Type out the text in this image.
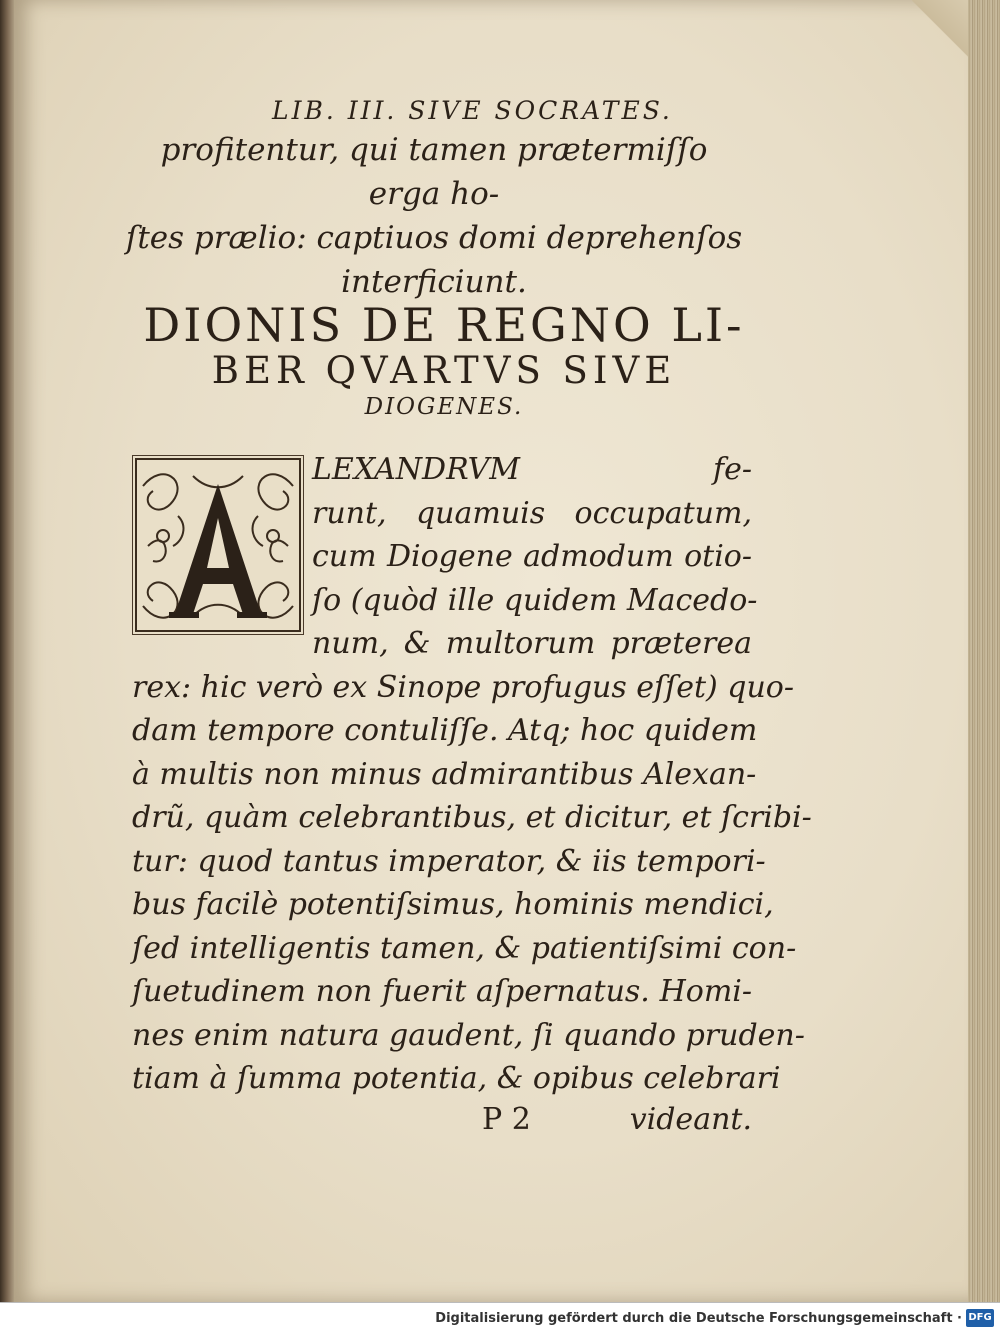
LIB. III. SIVE SOCRATES.
profitentur, qui tamen prætermiſſo erga ho-
ſtes prælio: captiuos domi deprehenſos
interficiunt.
DIONIS DE REGNO LI-
BER QVARTVS SIVE
DIOGENES.
LEXANDRVM fe-
runt, quamuis occupatum,
cum Diogene admodum otio-
ſo (quòd ille quidem Macedo-
num, & multorum præterea
rex: hic verò ex Sinope profugus eſſet) quo-
dam tempore contuliſſe. Atq; hoc quidem
à multis non minus admirantibus Alexan-
drũ, quàm celebrantibus, et dicitur, et ſcribi-
tur: quod tantus imperator, & iis tempori-
bus facilè potentiſsimus, hominis mendici,
ſed intelligentis tamen, & patientiſsimi con-
ſuetudinem non fuerit aſpernatus. Homi-
nes enim natura gaudent, ſi quando pruden-
tiam à ſumma potentia, & opibus celebrari
P 2	videant.
Digitalisierung gefördert durch die Deutsche Forschungsgemeinschaft · DFG
